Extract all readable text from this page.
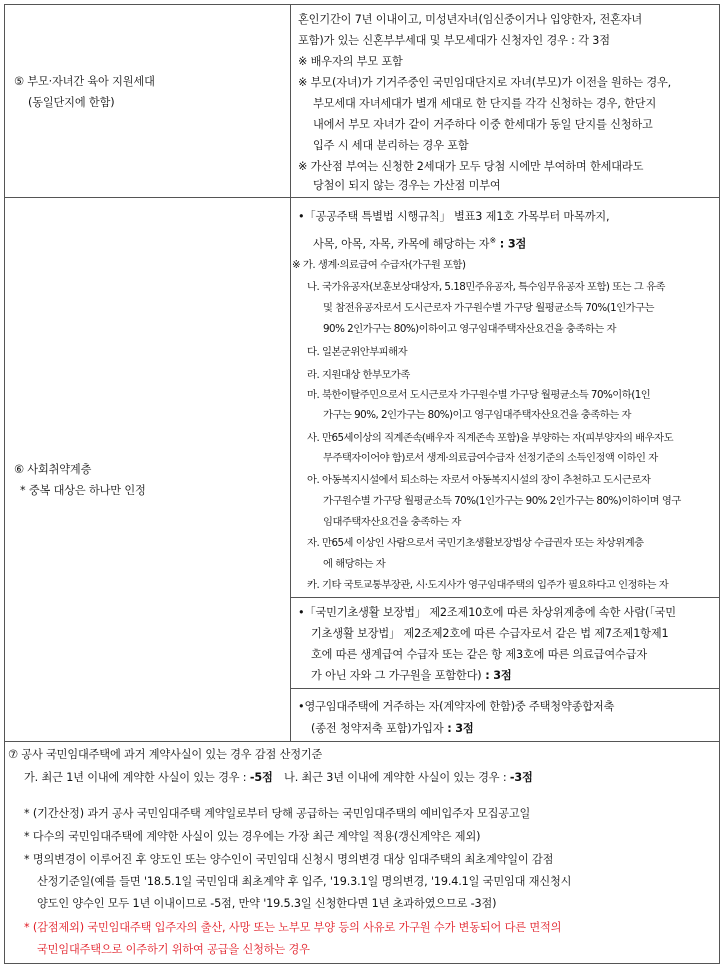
⑤ 부모·자녀간 육아 지원세대
(동일단지에 한함)
혼인기간이 7년 이내이고, 미성년자녀(임신중이거나 입양한자, 전혼자녀
포함)가 있는 신혼부부세대 및 부모세대가 신청자인 경우 : 각 3점
※ 배우자의 부모 포함
※ 부모(자녀)가 기거주중인 국민임대단지로 자녀(부모)가 이전을 원하는 경우,
부모세대 자녀세대가 별개 세대로 한 단지를 각각 신청하는 경우, 한단지
내에서 부모 자녀가 같이 거주하다 이중 한세대가 동일 단지를 신청하고
입주 시 세대 분리하는 경우 포함
※ 가산점 부여는 신청한 2세대가 모두 당첨 시에만 부여하며 한세대라도
당첨이 되지 않는 경우는 가산점 미부여
⑥ 사회취약계층
* 중복 대상은 하나만 인정
•「공공주택 특별법 시행규칙」 별표3 제1호 가목부터 마목까지,
사목, 아목, 자목, 카목에 해당하는 자※ : 3점
※ 가. 생계·의료급여 수급자(가구원 포함)
나. 국가유공자(보훈보상대상자, 5.18민주유공자, 특수임무유공자 포함) 또는 그 유족
및 참전유공자로서 도시근로자 가구원수별 가구당 월평균소득 70%(1인가구는
90% 2인가구는 80%)이하이고 영구임대주택자산요건을 충족하는 자
다. 일본군위안부피해자
라. 지원대상 한부모가족
마. 북한이탈주민으로서 도시근로자 가구원수별 가구당 월평균소득 70%이하(1인
가구는 90%, 2인가구는 80%)이고 영구임대주택자산요건을 충족하는 자
사. 만65세이상의 직계존속(배우자 직계존속 포함)을 부양하는 자(피부양자의 배우자도
무주택자이어야 함)로서 생계·의료급여수급자 선정기준의 소득인정액 이하인 자
아. 아동복지시설에서 퇴소하는 자로서 아동복지시설의 장이 추천하고 도시근로자
가구원수별 가구당 월평균소득 70%(1인가구는 90% 2인가구는 80%)이하이며 영구
임대주택자산요건을 충족하는 자
자. 만65세 이상인 사람으로서 국민기초생활보장법상 수급권자 또는 차상위계층
에 해당하는 자
카. 기타 국토교통부장관, 시·도지사가 영구임대주택의 입주가 필요하다고 인정하는 자
•「국민기초생활 보장법」 제2조제10호에 따른 차상위계층에 속한 사람(「국민
기초생활 보장법」 제2조제2호에 따른 수급자로서 같은 법 제7조제1항제1
호에 따른 생계급여 수급자 또는 같은 항 제3호에 따른 의료급여수급자
가 아닌 자와 그 가구원을 포함한다) : 3점
•영구임대주택에 거주하는 자(계약자에 한함)중 주택청약종합저축
(종전 청약저축 포함)가입자 : 3점
⑦ 공사 국민임대주택에 과거 계약사실이 있는 경우 감점 산정기준
가. 최근 1년 이내에 계약한 사실이 있는 경우 : -5점 나. 최근 3년 이내에 계약한 사실이 있는 경우 : -3점
* (기간산정) 과거 공사 국민임대주택 계약일로부터 당해 공급하는 국민임대주택의 예비입주자 모집공고일
* 다수의 국민임대주택에 계약한 사실이 있는 경우에는 가장 최근 계약일 적용(갱신계약은 제외)
* 명의변경이 이루어진 후 양도인 또는 양수인이 국민임대 신청시 명의변경 대상 임대주택의 최초계약일이 감점
산정기준일(예를 들면 '18.5.1일 국민임대 최초계약 후 입주, '19.3.1일 명의변경, '19.4.1일 국민임대 재신청시
양도인 양수인 모두 1년 이내이므로 -5점, 만약 '19.5.3일 신청한다면 1년 초과하였으므로 -3점)
* (감점제외) 국민임대주택 입주자의 출산, 사망 또는 노부모 부양 등의 사유로 가구원 수가 변동되어 다른 면적의
국민임대주택으로 이주하기 위하여 공급을 신청하는 경우
